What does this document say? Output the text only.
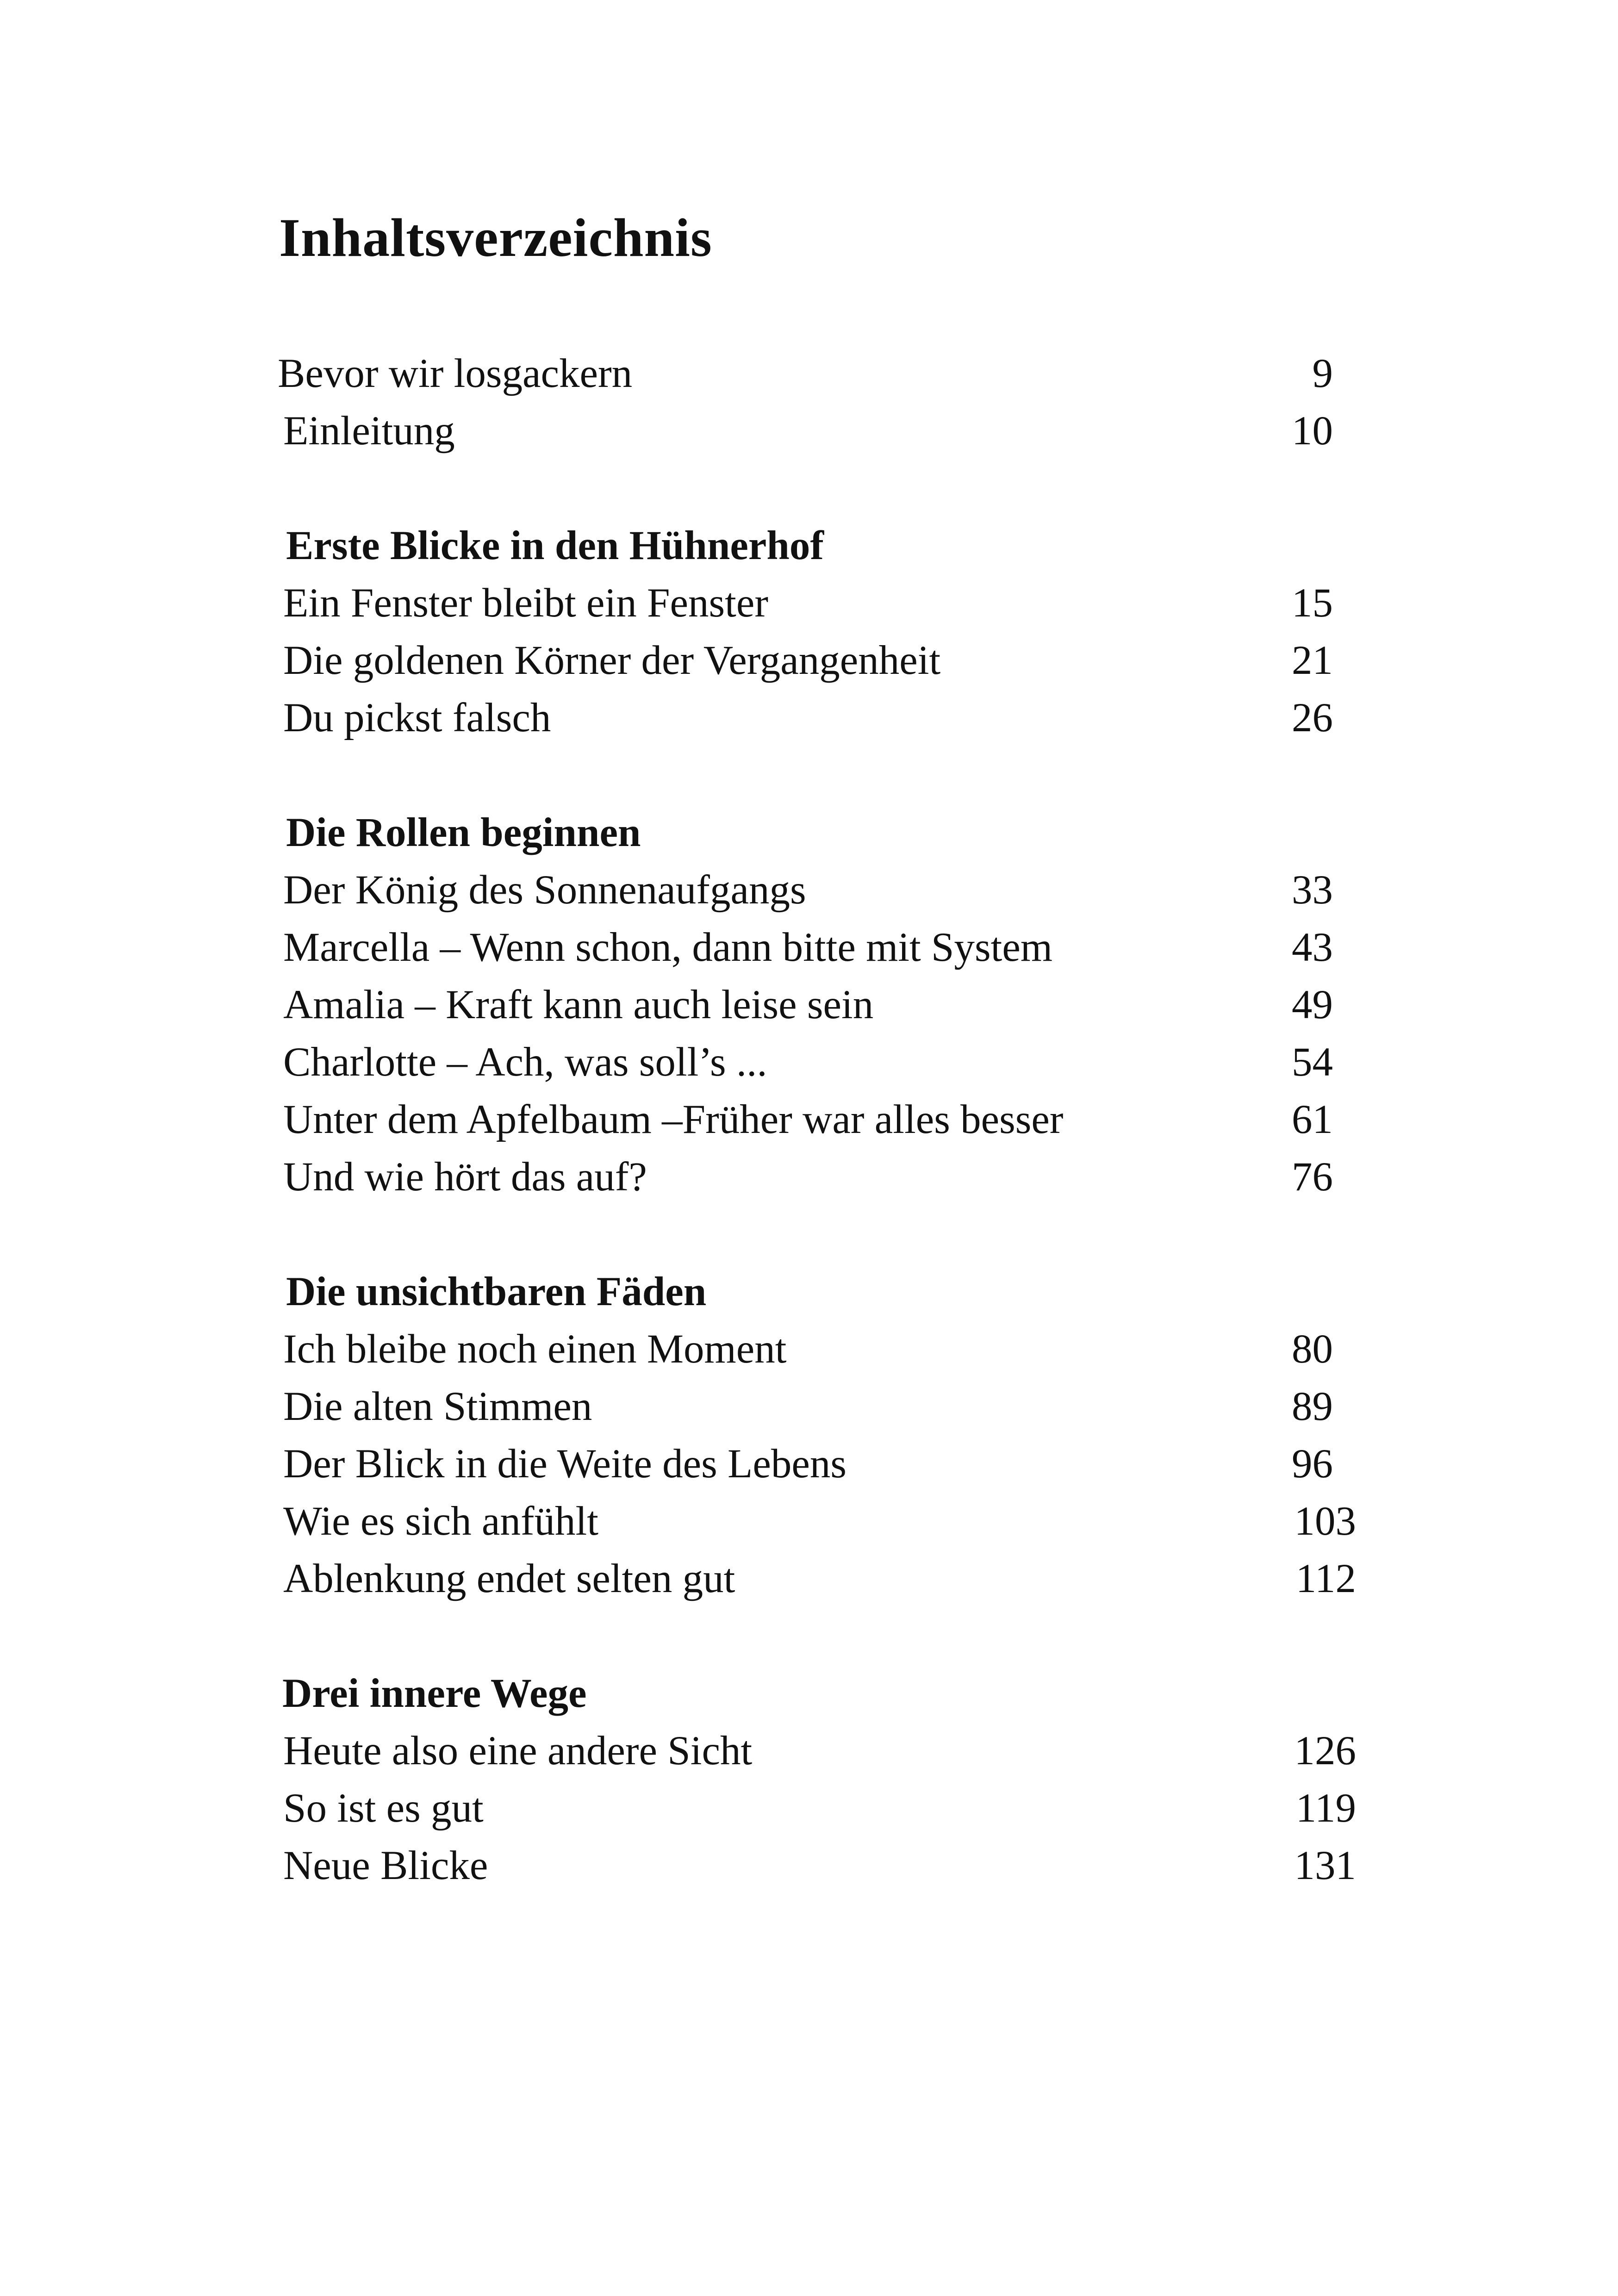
Inhaltsverzeichnis
Bevor wir losgackern	9
Einleitung	10
Erste Blicke in den Hühnerhof
Ein Fenster bleibt ein Fenster	15
Die goldenen Körner der Vergangenheit	21
Du pickst falsch	26
Die Rollen beginnen
Der König des Sonnenaufgangs	33
Marcella – Wenn schon, dann bitte mit System	43
Amalia – Kraft kann auch leise sein	49
Charlotte – Ach, was soll’s ...	54
Unter dem Apfelbaum –Früher war alles besser	61
Und wie hört das auf?	76
Die unsichtbaren Fäden
Ich bleibe noch einen Moment	80
Die alten Stimmen	89
Der Blick in die Weite des Lebens	96
Wie es sich anfühlt	103
Ablenkung endet selten gut	112
Drei innere Wege
Heute also eine andere Sicht	126
So ist es gut	119
Neue Blicke	131
